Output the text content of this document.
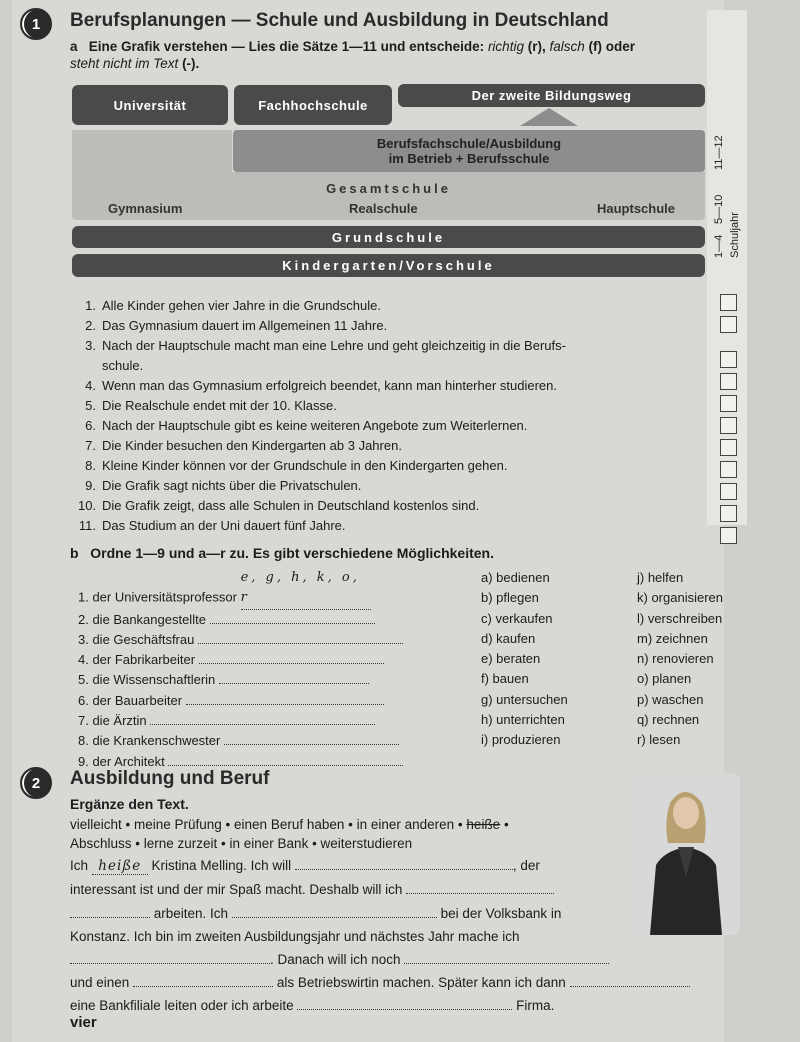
1 Berufsplanungen — Schule und Ausbildung in Deutschland
a Eine Grafik verstehen — Lies die Sätze 1—11 und entscheide: richtig (r), falsch (f) oder
steht nicht im Text (-).
Universität	Fachhochschule
Der zweite Bildungsweg
Berufsfachschule/Ausbildung
im Betrieb + Berufsschule
Gesamtschule
Gymnasium	Realschule	Hauptschule
Grundschule
Kindergarten/Vorschule
1—4
5—10
11—12
Schuljahr
1. Alle Kinder gehen vier Jahre in die Grundschule.
2. Das Gymnasium dauert im Allgemeinen 11 Jahre.
3. Nach der Hauptschule macht man eine Lehre und geht gleichzeitig in die Berufs-
schule.
4. Wenn man das Gymnasium erfolgreich beendet, kann man hinterher studieren.
5. Die Realschule endet mit der 10. Klasse.
6. Nach der Hauptschule gibt es keine weiteren Angebote zum Weiterlernen.
7. Die Kinder besuchen den Kindergarten ab 3 Jahren.
8. Kleine Kinder können vor der Grundschule in den Kindergarten gehen.
9. Die Grafik sagt nichts über die Privatschulen.
10. Die Grafik zeigt, dass alle Schulen in Deutschland kostenlos sind.
11. Das Studium an der Uni dauert fünf Jahre.
b Ordne 1—9 und a—r zu. Es gibt verschiedene Möglichkeiten.
1. der Universitätsprofessor e, g, h, k, o, r
2. die Bankangestellte
3. die Geschäftsfrau
4. der Fabrikarbeiter
5. die Wissenschaftlerin
6. der Bauarbeiter
7. die Ärztin
8. die Krankenschwester
9. der Architekt
a) bedienen
b) pflegen
c) verkaufen
d) kaufen
e) beraten
f) bauen
g) untersuchen
h) unterrichten
i) produzieren
j) helfen
k) organisieren
l) verschreiben
m) zeichnen
n) renovieren
o) planen
p) waschen
q) rechnen
r) lesen
2 Ausbildung und Beruf
Ergänze den Text.
vielleicht • meine Prüfung • einen Beruf haben • in einer anderen • heiße •
Abschluss • lerne zurzeit • in einer Bank • weiterstudieren
Ich heiße Kristina Melling. Ich will	, der
interessant ist und der mir Spaß macht. Deshalb will ich
arbeiten. Ich	bei der Volksbank in
Konstanz. Ich bin im zweiten Ausbildungsjahr und nächstes Jahr mache ich
. Danach will ich noch
und einen	als Betriebswirtin machen. Später kann ich dann
eine Bankfiliale leiten oder ich arbeite	Firma.
vier
